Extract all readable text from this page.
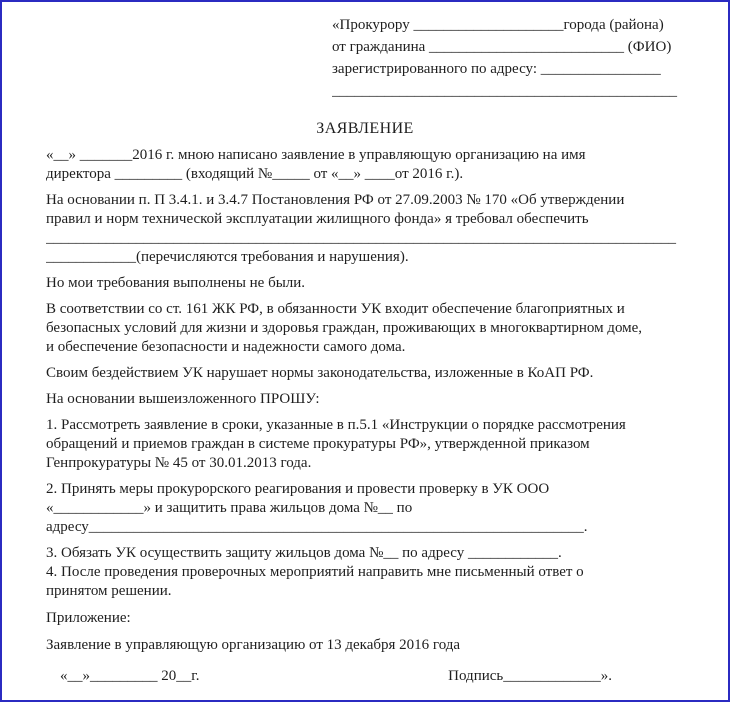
«Прокурору ____________________города (района)
от гражданина __________________________ (ФИО)
зарегистрированного по адресу: ________________
______________________________________________
ЗАЯВЛЕНИЕ
«__» _______2016 г. мною написано заявление в управляющую организацию на имя
директора _________ (входящий №_____ от «__» ____от 2016 г.).
На основании п. П 3.4.1. и 3.4.7 Постановления РФ от 27.09.2003 № 170 «Об утверждении
правил и норм технической эксплуатации жилищного фонда» я требовал обеспечить
____________________________________________________________________________________
____________(перечисляются требования и нарушения).
Но мои требования выполнены не были.
В соответствии со ст. 161 ЖК РФ, в обязанности УК входит обеспечение благоприятных и
безопасных условий для жизни и здоровья граждан, проживающих в многоквартирном доме,
и обеспечение безопасности и надежности самого дома.
Своим бездействием УК нарушает нормы законодательства, изложенные в КоАП РФ.
На основании вышеизложенного ПРОШУ:
1. Рассмотреть заявление в сроки, указанные в п.5.1 «Инструкции о порядке рассмотрения
обращений и приемов граждан в системе прокуратуры РФ», утвержденной приказом
Генпрокуратуры № 45 от 30.01.2013 года.
2. Принять меры прокурорского реагирования и провести проверку в УК ООО
«____________» и защитить права жильцов дома №__ по
адресу__________________________________________________________________.
3. Обязать УК осуществить защиту жильцов дома №__ по адресу ____________.
4. После проведения проверочных мероприятий направить мне письменный ответ о
принятом решении.
Приложение:
Заявление в управляющую организацию от 13 декабря 2016 года
«__»_________ 20__г.	Подпись_____________».
